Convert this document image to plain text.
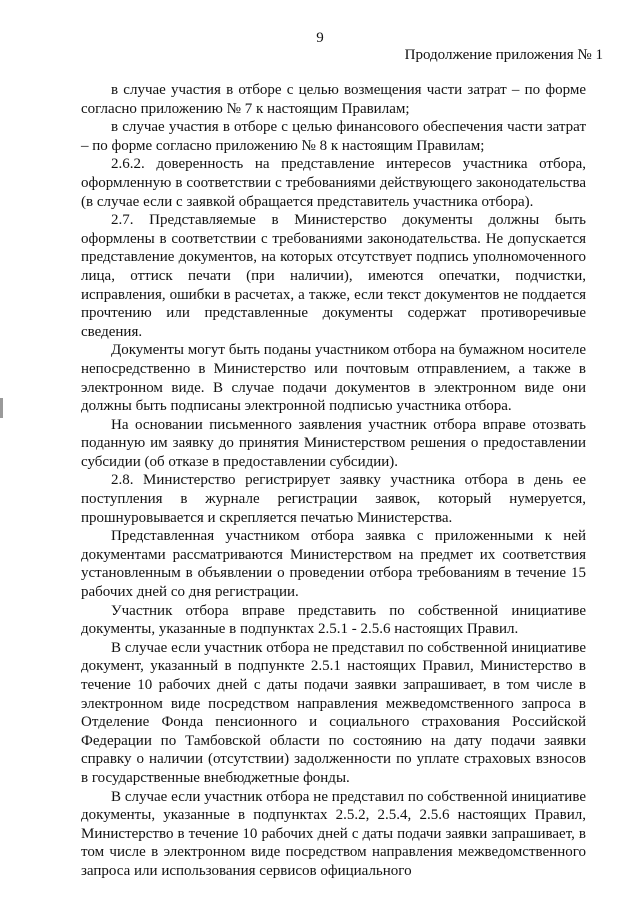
9
Продолжение приложения № 1

в случае участия в отборе с целью возмещения части затрат – по форме согласно приложению № 7 к настоящим Правилам;

в случае участия в отборе с целью финансового обеспечения части затрат – по форме согласно приложению № 8 к настоящим Правилам;

2.6.2. доверенность на представление интересов участника отбора, оформленную в соответствии с требованиями действующего законодательства (в случае если с заявкой обращается представитель участника отбора).

2.7. Представляемые в Министерство документы должны быть оформлены в соответствии с требованиями законодательства. Не допускается представление документов, на которых отсутствует подпись уполномоченного лица, оттиск печати (при наличии), имеются опечатки, подчистки, исправления, ошибки в расчетах, а также, если текст документов не поддается прочтению или представленные документы содержат противоречивые сведения.

Документы могут быть поданы участником отбора на бумажном носителе непосредственно в Министерство или почтовым отправлением, а также в электронном виде. В случае подачи документов в электронном виде они должны быть подписаны электронной подписью участника отбора.

На основании письменного заявления участник отбора вправе отозвать поданную им заявку до принятия Министерством решения о предоставлении субсидии (об отказе в предоставлении субсидии).

2.8. Министерство регистрирует заявку участника отбора в день ее поступления в журнале регистрации заявок, который нумеруется, прошнуровывается и скрепляется печатью Министерства.

Представленная участником отбора заявка с приложенными к ней документами рассматриваются Министерством на предмет их соответствия установленным в объявлении о проведении отбора требованиям в течение 15 рабочих дней со дня регистрации.

Участник отбора вправе представить по собственной инициативе документы, указанные в подпунктах 2.5.1 - 2.5.6 настоящих Правил.

В случае если участник отбора не представил по собственной инициативе документ, указанный в подпункте 2.5.1 настоящих Правил, Министерство в течение 10 рабочих дней с даты подачи заявки запрашивает, в том числе в электронном виде посредством направления межведомственного запроса в Отделение Фонда пенсионного и социального страхования Российской Федерации по Тамбовской области по состоянию на дату подачи заявки справку о наличии (отсутствии) задолженности по уплате страховых взносов в государственные внебюджетные фонды.

В случае если участник отбора не представил по собственной инициативе документы, указанные в подпунктах 2.5.2, 2.5.4, 2.5.6 настоящих Правил, Министерство в течение 10 рабочих дней с даты подачи заявки запрашивает, в том числе в электронном виде посредством направления межведомственного запроса или использования сервисов официального
